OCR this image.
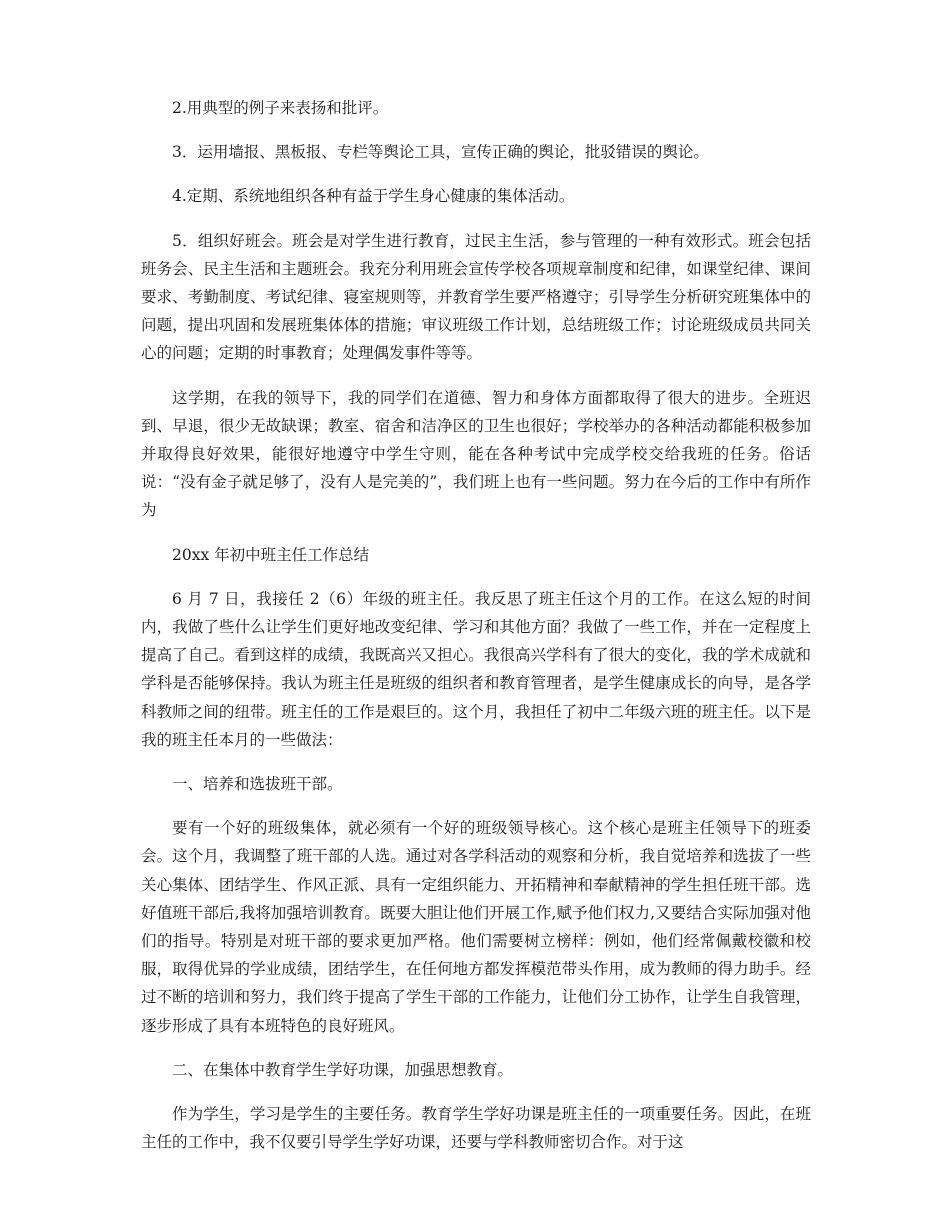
2.用典型的例子来表扬和批评。

3．运用墙报、黑板报、专栏等舆论工具，宣传正确的舆论，批驳错误的舆论。

4.定期、系统地组织各种有益于学生身心健康的集体活动。

5．组织好班会。班会是对学生进行教育，过民主生活，参与管理的一种有效形式。班会包括班务会、民主生活和主题班会。我充分利用班会宣传学校各项规章制度和纪律，如课堂纪律、课间要求、考勤制度、考试纪律、寝室规则等，并教育学生要严格遵守；引导学生分析研究班集体中的问题，提出巩固和发展班集体体的措施；审议班级工作计划，总结班级工作；讨论班级成员共同关心的问题；定期的时事教育；处理偶发事件等等。

这学期，在我的领导下，我的同学们在道德、智力和身体方面都取得了很大的进步。全班迟到、早退，很少无故缺课；教室、宿舍和洁净区的卫生也很好；学校举办的各种活动都能积极参加并取得良好效果，能很好地遵守中学生守则，能在各种考试中完成学校交给我班的任务。俗话说：“没有金子就足够了，没有人是完美的”，我们班上也有一些问题。努力在今后的工作中有所作为

20xx 年初中班主任工作总结

6 月 7 日，我接任 2（6）年级的班主任。我反思了班主任这个月的工作。在这么短的时间内，我做了些什么让学生们更好地改变纪律、学习和其他方面？我做了一些工作，并在一定程度上提高了自己。看到这样的成绩，我既高兴又担心。我很高兴学科有了很大的变化，我的学术成就和学科是否能够保持。我认为班主任是班级的组织者和教育管理者，是学生健康成长的向导，是各学科教师之间的纽带。班主任的工作是艰巨的。这个月，我担任了初中二年级六班的班主任。以下是我的班主任本月的一些做法：

一、培养和选拔班干部。

要有一个好的班级集体，就必须有一个好的班级领导核心。这个核心是班主任领导下的班委会。这个月，我调整了班干部的人选。通过对各学科活动的观察和分析，我自觉培养和选拔了一些关心集体、团结学生、作风正派、具有一定组织能力、开拓精神和奉献精神的学生担任班干部。选好值班干部后,我将加强培训教育。既要大胆让他们开展工作,赋予他们权力,又要结合实际加强对他们的指导。特别是对班干部的要求更加严格。他们需要树立榜样：例如，他们经常佩戴校徽和校服，取得优异的学业成绩，团结学生，在任何地方都发挥模范带头作用，成为教师的得力助手。经过不断的培训和努力，我们终于提高了学生干部的工作能力，让他们分工协作，让学生自我管理，逐步形成了具有本班特色的良好班风。

二、在集体中教育学生学好功课，加强思想教育。

作为学生，学习是学生的主要任务。教育学生学好功课是班主任的一项重要任务。因此，在班主任的工作中，我不仅要引导学生学好功课，还要与学科教师密切合作。对于这
